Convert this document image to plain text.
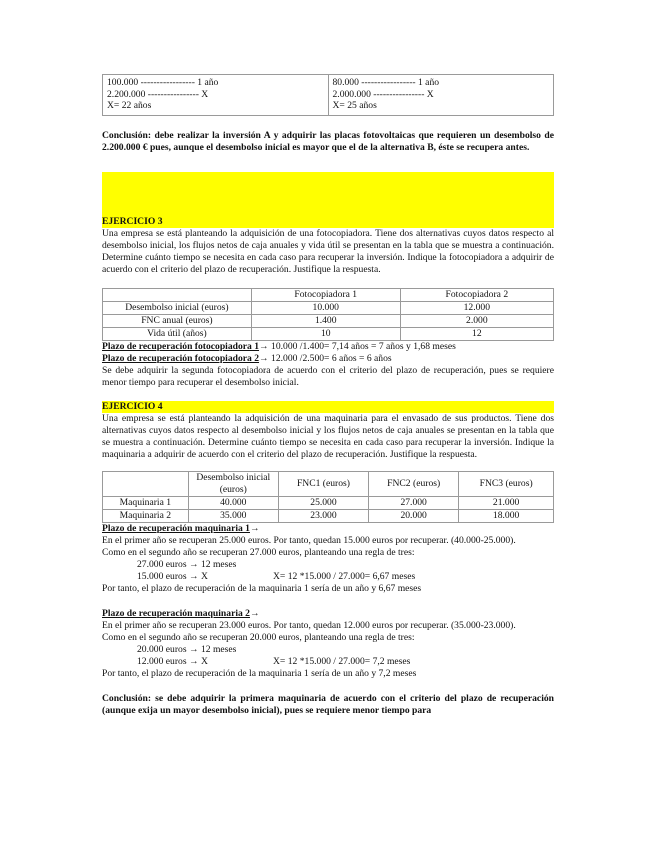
100.000 ----------------- 1 año
2.200.000 ---------------- X
X= 22 años

80.000 ----------------- 1 año
2.000.000 ---------------- X
X= 25 años
Conclusión: debe realizar la inversión A y adquirir las placas fotovoltaicas que requieren un desembolso de 2.200.000 € pues, aunque el desembolso inicial es mayor que el de la alternativa B, éste se recupera antes.
EJERCICIO 3
Una empresa se está planteando la adquisición de una fotocopiadora. Tiene dos alternativas cuyos datos respecto al desembolso inicial, los flujos netos de caja anuales y vida útil se presentan en la tabla que se muestra a continuación. Determine cuánto tiempo se necesita en cada caso para recuperar la inversión. Indique la fotocopiadora a adquirir de acuerdo con el criterio del plazo de recuperación. Justifique la respuesta.
	Fotocopiadora 1	Fotocopiadora 2
Desembolso inicial (euros)	10.000	12.000
FNC anual (euros)	1.400	2.000
Vida útil (años)	10	12
Plazo de recuperación fotocopiadora 1→ 10.000 /1.400= 7,14 años = 7 años y 1,68 meses
Plazo de recuperación fotocopiadora 2→ 12.000 /2.500= 6 años = 6 años
Se debe adquirir la segunda fotocopiadora de acuerdo con el criterio del plazo de recuperación, pues se requiere menor tiempo para recuperar el desembolso inicial.
EJERCICIO 4
Una empresa se está planteando la adquisición de una maquinaria para el envasado de sus productos. Tiene dos alternativas cuyos datos respecto al desembolso inicial y los flujos netos de caja anuales se presentan en la tabla que se muestra a continuación. Determine cuánto tiempo se necesita en cada caso para recuperar la inversión. Indique la maquinaria a adquirir de acuerdo con el criterio del plazo de recuperación. Justifique la respuesta.
	Desembolso inicial (euros)	FNC1 (euros)	FNC2 (euros)	FNC3 (euros)
Maquinaria 1	40.000	25.000	27.000	21.000
Maquinaria 2	35.000	23.000	20.000	18.000
Plazo de recuperación maquinaria 1→
En el primer año se recuperan 25.000 euros. Por tanto, quedan 15.000 euros por recuperar. (40.000-25.000).
Como en el segundo año se recuperan 27.000 euros, planteando una regla de tres:
27.000 euros → 12 meses
15.000 euros → X	X= 12 *15.000 / 27.000= 6,67 meses
Por tanto, el plazo de recuperación de la maquinaria 1 sería de un año y 6,67 meses
Plazo de recuperación maquinaria 2→
En el primer año se recuperan 23.000 euros. Por tanto, quedan 12.000 euros por recuperar. (35.000-23.000).
Como en el segundo año se recuperan 20.000 euros, planteando una regla de tres:
20.000 euros → 12 meses
12.000 euros → X	X= 12 *15.000 / 27.000= 7,2 meses
Por tanto, el plazo de recuperación de la maquinaria 1 sería de un año y 7,2 meses
Conclusión: se debe adquirir la primera maquinaria de acuerdo con el criterio del plazo de recuperación (aunque exija un mayor desembolso inicial), pues se requiere menor tiempo para
